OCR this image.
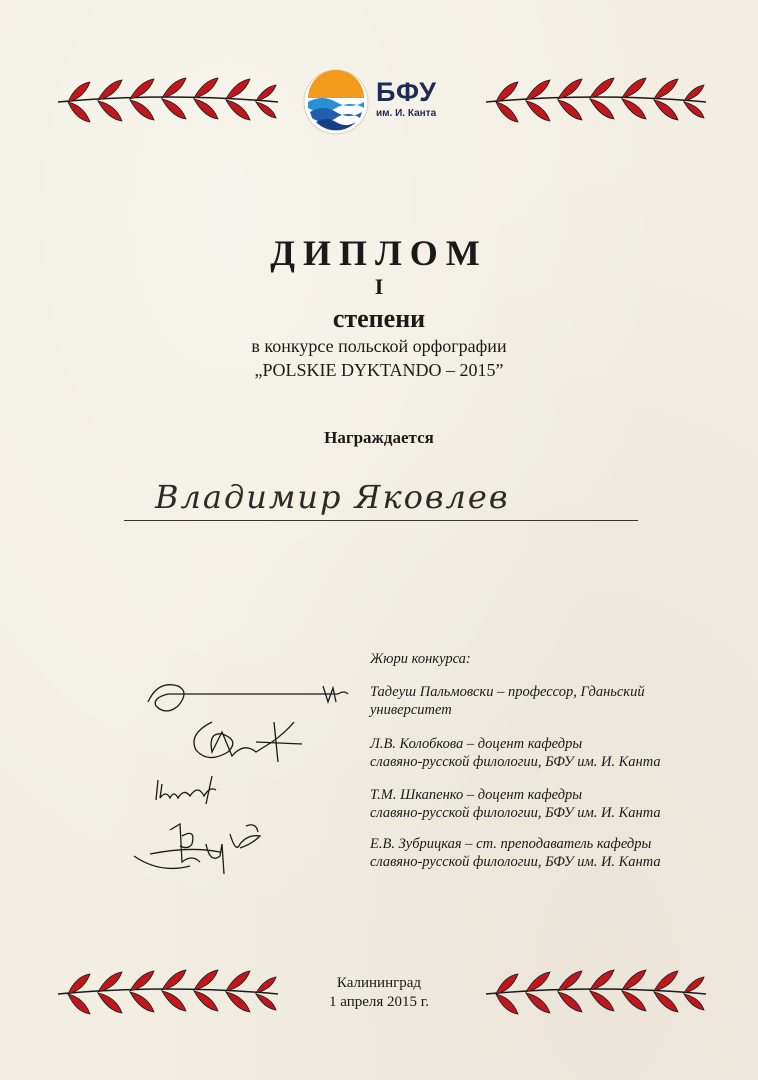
БФУ
им. И. Канта
ДИПЛОМ
I
степени
в конкурсе польской орфографии
„POLSKIE DYKTANDO – 2015”
Награждается
Владимир Яковлев
Жюри конкурса:
Тадеуш Пальмовски – профессор, Гданьский
университет
Л.В. Колобкова – доцент кафедры
славяно-русской филологии, БФУ им. И. Канта
Т.М. Шкапенко – доцент кафедры
славяно-русской филологии, БФУ им. И. Канта
Е.В. Зубрицкая – ст. преподаватель кафедры
славяно-русской филологии, БФУ им. И. Канта
Калининград
1 апреля 2015 г.
